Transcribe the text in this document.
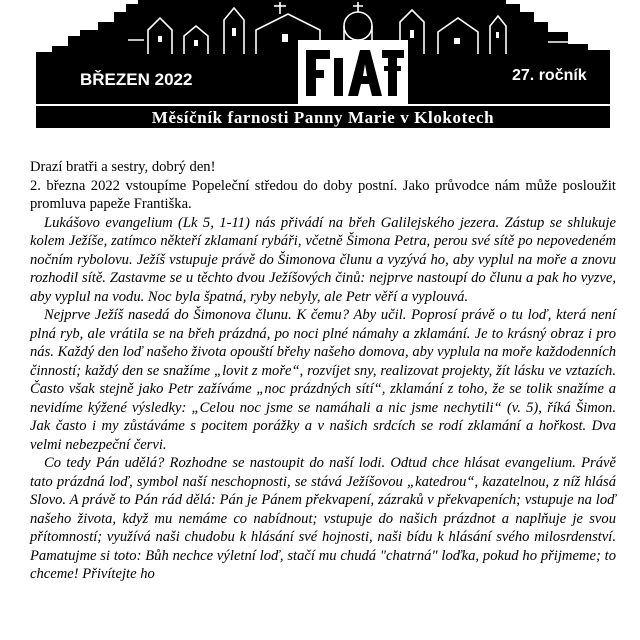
BŘEZEN 2022	27. ročník
Měsíčník farnosti Panny Marie v Klokotech

Drazí bratři a sestry, dobrý den!

2. března 2022 vstoupíme Popeleční středou do doby postní. Jako průvodce nám může posloužit promluva papeže Františka.

Lukášovo evangelium (Lk 5, 1-11) nás přivádí na břeh Galilejského jezera. Zástup se shlukuje kolem Ježíše, zatímco někteří zklamaní rybáři, včetně Šimona Petra, perou své sítě po nepovedeném nočním rybolovu. Ježíš vstupuje právě do Šimonova člunu a vyzývá ho, aby vyplul na moře a znovu rozhodil sítě. Zastavme se u těchto dvou Ježíšových činů: nejprve nastoupí do člunu a pak ho vyzve, aby vyplul na vodu. Noc byla špatná, ryby nebyly, ale Petr věří a vyplouvá.

Nejprve Ježíš nasedá do Šimonova člunu. K čemu? Aby učil. Poprosí právě o tu loď, která není plná ryb, ale vrátila se na břeh prázdná, po noci plné námahy a zklamání. Je to krásný obraz i pro nás. Každý den loď našeho života opouští břehy našeho domova, aby vyplula na moře každodenních činností; každý den se snažíme „lovit z moře“, rozvíjet sny, realizovat projekty, žít lásku ve vztazích. Často však stejně jako Petr zažíváme „noc prázdných sítí“, zklamání z toho, že se tolik snažíme a nevidíme kýžené výsledky: „Celou noc jsme se namáhali a nic jsme nechytili“ (v. 5), říká Šimon. Jak často i my zůstáváme s pocitem porážky a v našich srdcích se rodí zklamání a hořkost. Dva velmi nebezpeční červi.

Co tedy Pán udělá? Rozhodne se nastoupit do naší lodi. Odtud chce hlásat evangelium. Právě tato prázdná loď, symbol naší neschopnosti, se stává Ježíšovou „katedrou“, kazatelnou, z níž hlásá Slovo. A právě to Pán rád dělá: Pán je Pánem překvapení, zázraků v překvapeních; vstupuje na loď našeho života, když mu nemáme co nabídnout; vstupuje do našich prázdnot a naplňuje je svou přítomností; využívá naši chudobu k hlásání své hojnosti, naši bídu k hlásání svého milosrdenství. Pamatujme si toto: Bůh nechce výletní loď, stačí mu chudá "chatrná" loďka, pokud ho přijmeme; to chceme! Přivítejte ho
